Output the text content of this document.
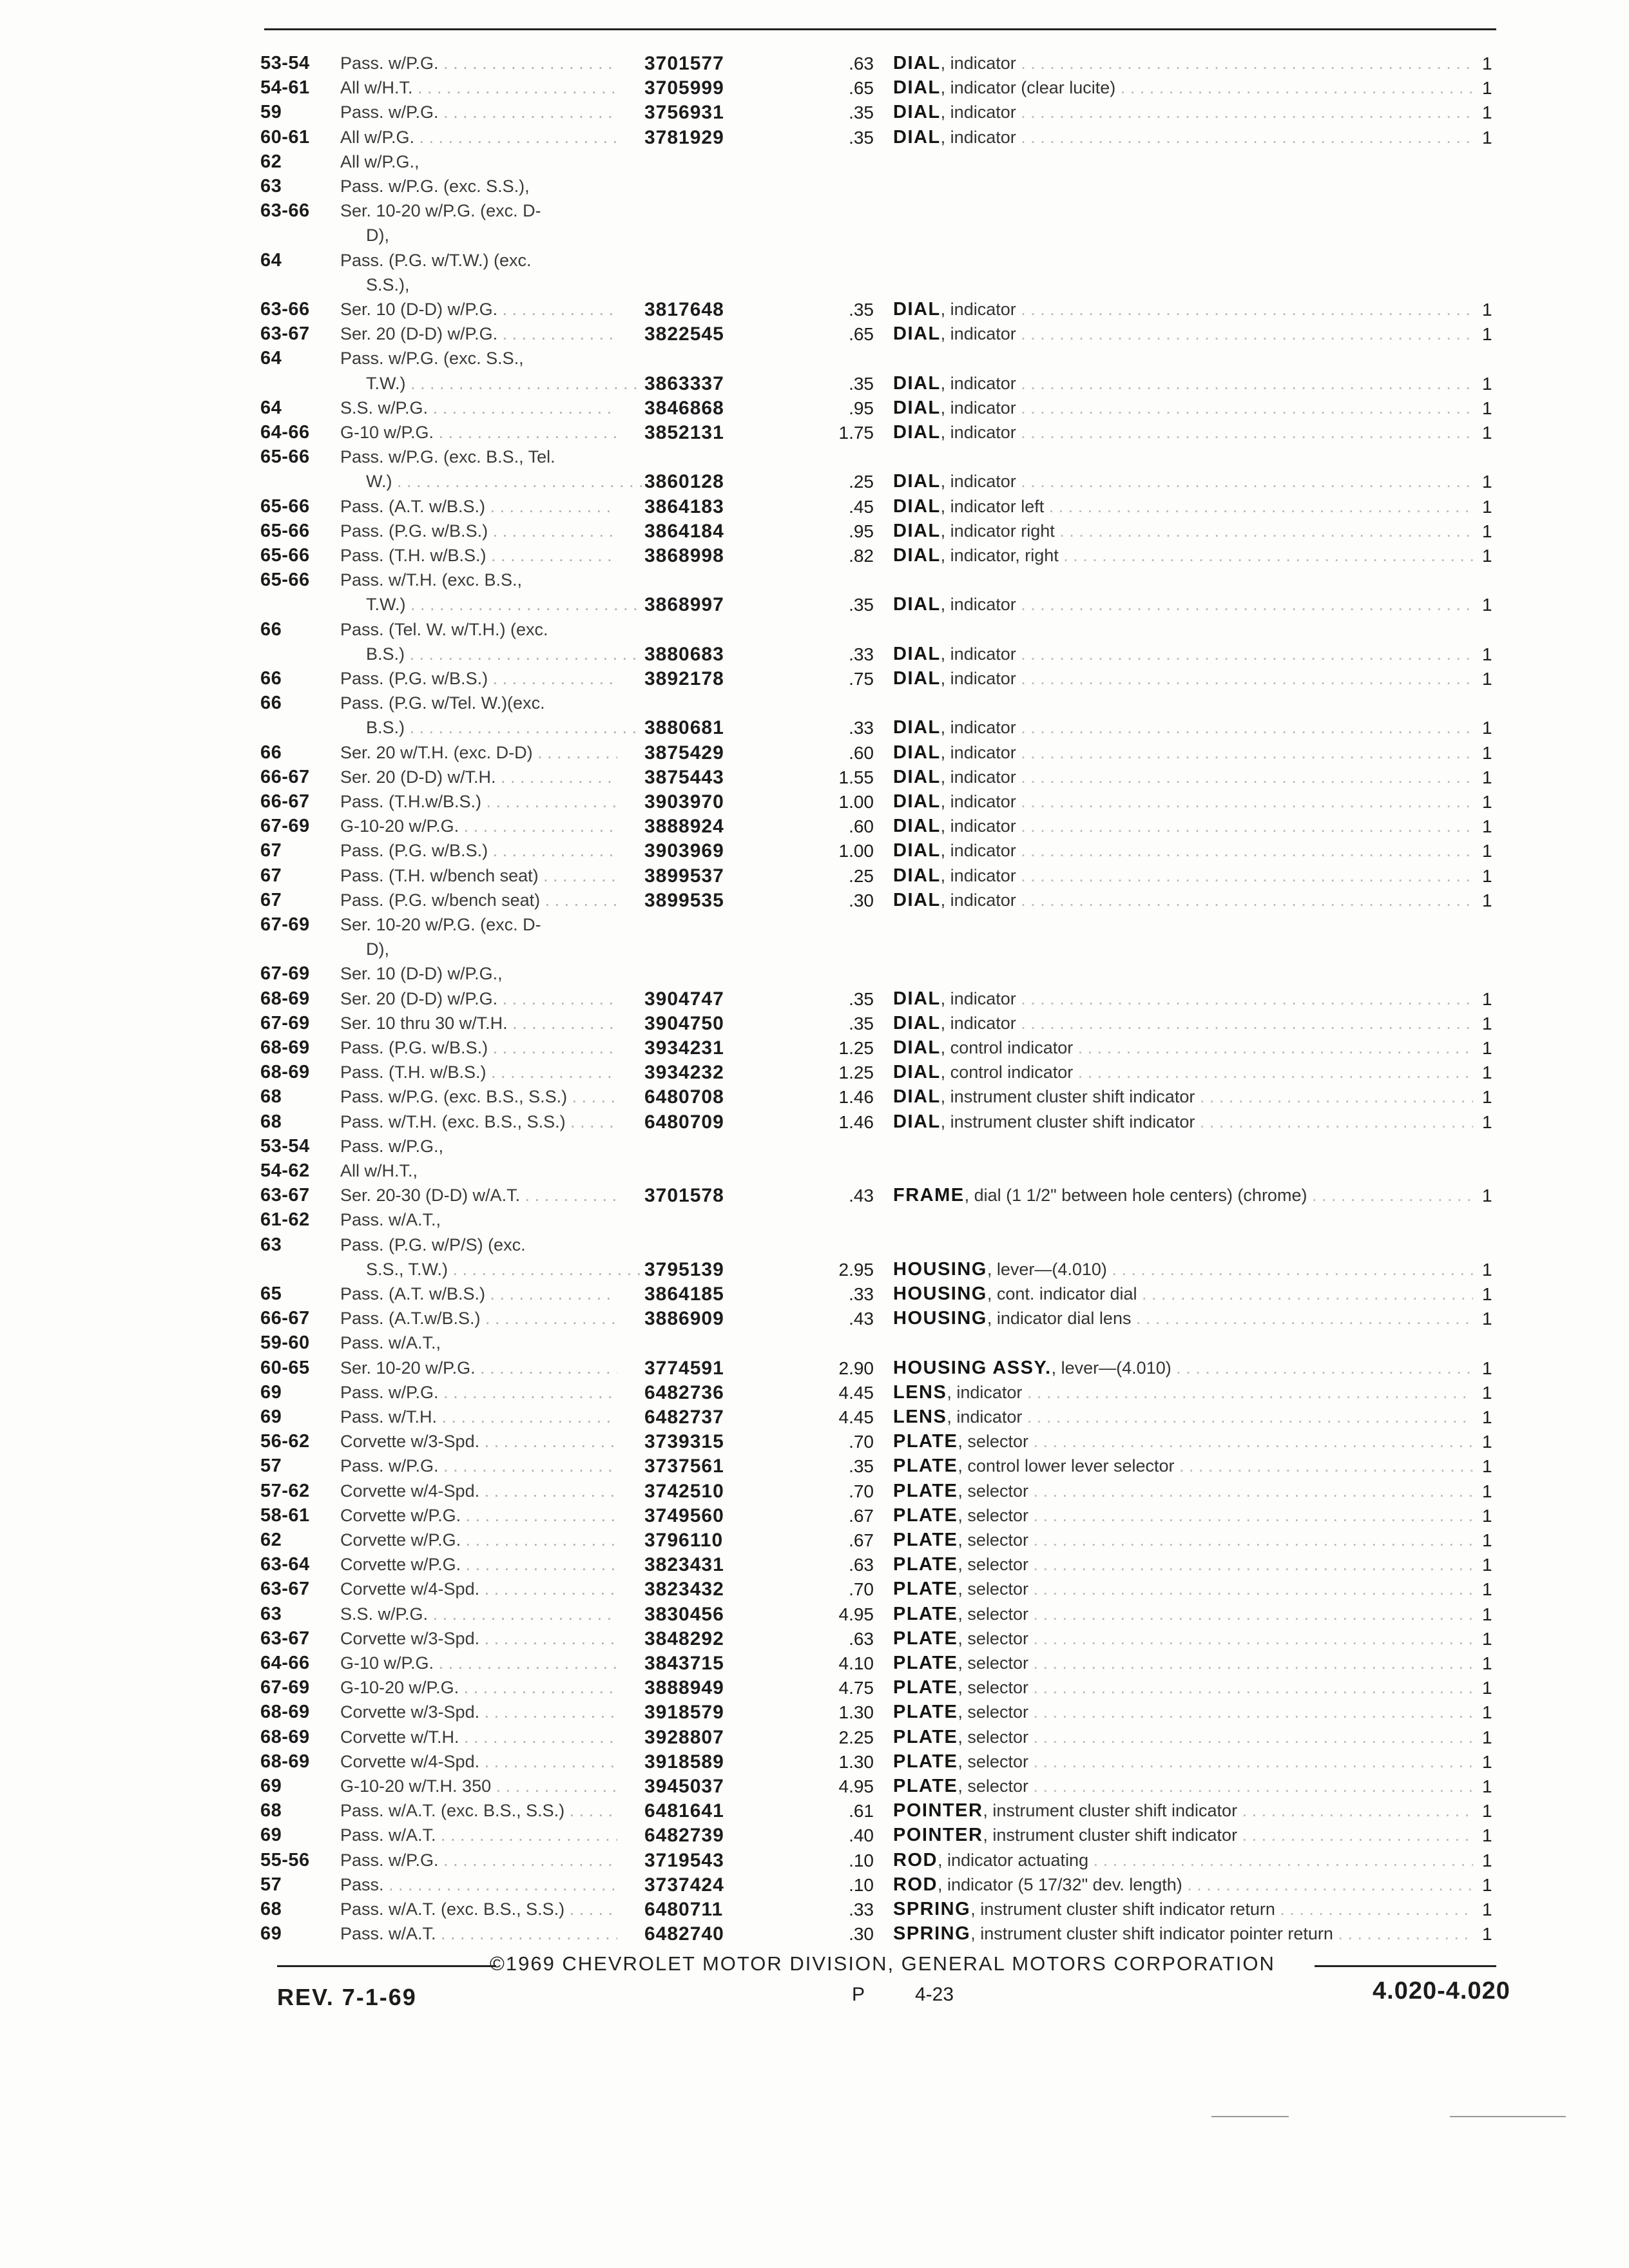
53-54 Pass. w/P.G. . . .	3701577	.63 DIAL, indicator . . .	1
54-61 All w/H.T. . . .	3705999	.65 DIAL, indicator (clear lucite) . . .	1
59	Pass. w/P.G. . . .	3756931	.35 DIAL, indicator . . .	1
60-61 All w/P.G. . . .	3781929	.35 DIAL, indicator . . .	1
62	All w/P.G.,
63	Pass. w/P.G. (exc. S.S.),
63-66 Ser. 10-20 w/P.G. (exc. D-
D),
64	Pass. (P.G. w/T.W.) (exc.
S.S.),
63-66 Ser. 10 (D-D) w/P.G. . . .	3817648	.35 DIAL, indicator . . .	1
63-67 Ser. 20 (D-D) w/P.G. . . .	3822545	.65 DIAL, indicator . . .	1
64	Pass. w/P.G. (exc. S.S.,
T.W.) . . .	3863337	.35 DIAL, indicator . . .	1
64	S.S. w/P.G. . . .	3846868	.95 DIAL, indicator . . .	1
64-66 G-10 w/P.G. . . .	3852131	1.75 DIAL, indicator . . .	1
65-66 Pass. w/P.G. (exc. B.S., Tel.
W.) . . .	3860128	.25 DIAL, indicator . . .	1
65-66 Pass. (A.T. w/B.S.) . . .	3864183	.45 DIAL, indicator left . . .	1
65-66 Pass. (P.G. w/B.S.) . . .	3864184	.95 DIAL, indicator right . . .	1
65-66 Pass. (T.H. w/B.S.) . . .	3868998	.82 DIAL, indicator, right . . .	1
65-66 Pass. w/T.H. (exc. B.S.,
T.W.) . . .	3868997	.35 DIAL, indicator . . .	1
66	Pass. (Tel. W. w/T.H.) (exc.
B.S.) . . .	3880683	.33 DIAL, indicator . . .	1
66	Pass. (P.G. w/B.S.) . . .	3892178	.75 DIAL, indicator . . .	1
66	Pass. (P.G. w/Tel. W.)(exc.
B.S.) . . .	3880681	.33 DIAL, indicator . . .	1
66	Ser. 20 w/T.H. (exc. D-D) . . .	3875429	.60 DIAL, indicator . . .	1
66-67 Ser. 20 (D-D) w/T.H. . . .	3875443	1.55 DIAL, indicator . . .	1
66-67 Pass. (T.H.w/B.S.) . . .	3903970	1.00 DIAL, indicator . . .	1
67-69 G-10-20 w/P.G. . . .	3888924	.60 DIAL, indicator . . .	1
67	Pass. (P.G. w/B.S.) . . .	3903969	1.00 DIAL, indicator . . .	1
67	Pass. (T.H. w/bench seat) . . .	3899537	.25 DIAL, indicator . . .	1
67	Pass. (P.G. w/bench seat) . . .	3899535	.30 DIAL, indicator . . .	1
67-69 Ser. 10-20 w/P.G. (exc. D-
D),
67-69 Ser. 10 (D-D) w/P.G.,
68-69 Ser. 20 (D-D) w/P.G. . . .	3904747	.35 DIAL, indicator . . .	1
67-69 Ser. 10 thru 30 w/T.H. . . .	3904750	.35 DIAL, indicator . . .	1
68-69 Pass. (P.G. w/B.S.) . . .	3934231	1.25 DIAL, control indicator . . .	1
68-69 Pass. (T.H. w/B.S.) . . .	3934232	1.25 DIAL, control indicator . . .	1
68	Pass. w/P.G. (exc. B.S., S.S.) . . .	6480708	1.46 DIAL, instrument cluster shift indicator . . .	1
68	Pass. w/T.H. (exc. B.S., S.S.) . . .	6480709	1.46 DIAL, instrument cluster shift indicator . . .	1
53-54 Pass. w/P.G.,
54-62 All w/H.T.,
63-67 Ser. 20-30 (D-D) w/A.T. . . .	3701578	.43 FRAME, dial (1 1/2" between hole centers) (chrome) . . .	1
61-62 Pass. w/A.T.,
63	Pass. (P.G. w/P/S) (exc.
S.S., T.W.) . . .	3795139	2.95 HOUSING, lever—(4.010) . . .	1
65	Pass. (A.T. w/B.S.) . . .	3864185	.33 HOUSING, cont. indicator dial . . .	1
66-67 Pass. (A.T.w/B.S.) . . .	3886909	.43 HOUSING, indicator dial lens . . .	1
59-60 Pass. w/A.T.,
60-65 Ser. 10-20 w/P.G. . . .	3774591	2.90 HOUSING ASSY., lever—(4.010) . . .	1
69	Pass. w/P.G. . . .	6482736	4.45 LENS, indicator . . .	1
69	Pass. w/T.H. . . .	6482737	4.45 LENS, indicator . . .	1
56-62 Corvette w/3-Spd. . . .	3739315	.70 PLATE, selector . . .	1
57	Pass. w/P.G. . . .	3737561	.35 PLATE, control lower lever selector . . .	1
57-62 Corvette w/4-Spd. . . .	3742510	.70 PLATE, selector . . .	1
58-61 Corvette w/P.G. . . .	3749560	.67 PLATE, selector . . .	1
62	Corvette w/P.G. . . .	3796110	.67 PLATE, selector . . .	1
63-64 Corvette w/P.G. . . .	3823431	.63 PLATE, selector . . .	1
63-67 Corvette w/4-Spd. . . .	3823432	.70 PLATE, selector . . .	1
63	S.S. w/P.G. . . .	3830456	4.95 PLATE, selector . . .	1
63-67 Corvette w/3-Spd. . . .	3848292	.63 PLATE, selector . . .	1
64-66 G-10 w/P.G. . . .	3843715	4.10 PLATE, selector . . .	1
67-69 G-10-20 w/P.G. . . .	3888949	4.75 PLATE, selector . . .	1
68-69 Corvette w/3-Spd. . . .	3918579	1.30 PLATE, selector . . .	1
68-69 Corvette w/T.H. . . .	3928807	2.25 PLATE, selector . . .	1
68-69 Corvette w/4-Spd. . . .	3918589	1.30 PLATE, selector . . .	1
69	G-10-20 w/T.H. 350 . . .	3945037	4.95 PLATE, selector . . .	1
68	Pass. w/A.T. (exc. B.S., S.S.) . . .	6481641	.61 POINTER, instrument cluster shift indicator . . .	1
69	Pass. w/A.T. . . .	6482739	.40 POINTER, instrument cluster shift indicator . . .	1
55-56 Pass. w/P.G. . . .	3719543	.10 ROD, indicator actuating . . .	1
57	Pass. . . .	3737424	.10 ROD, indicator (5 17/32" dev. length) . . .	1
68	Pass. w/A.T. (exc. B.S., S.S.) . . .	6480711	.33 SPRING, instrument cluster shift indicator return . . .	1
69	Pass. w/A.T. . . .	6482740	.30 SPRING, instrument cluster shift indicator pointer return . . .	1
©1969 CHEVROLET MOTOR DIVISION, GENERAL MOTORS CORPORATION
REV. 7-1-69	P	4-23	4.020-4.020
